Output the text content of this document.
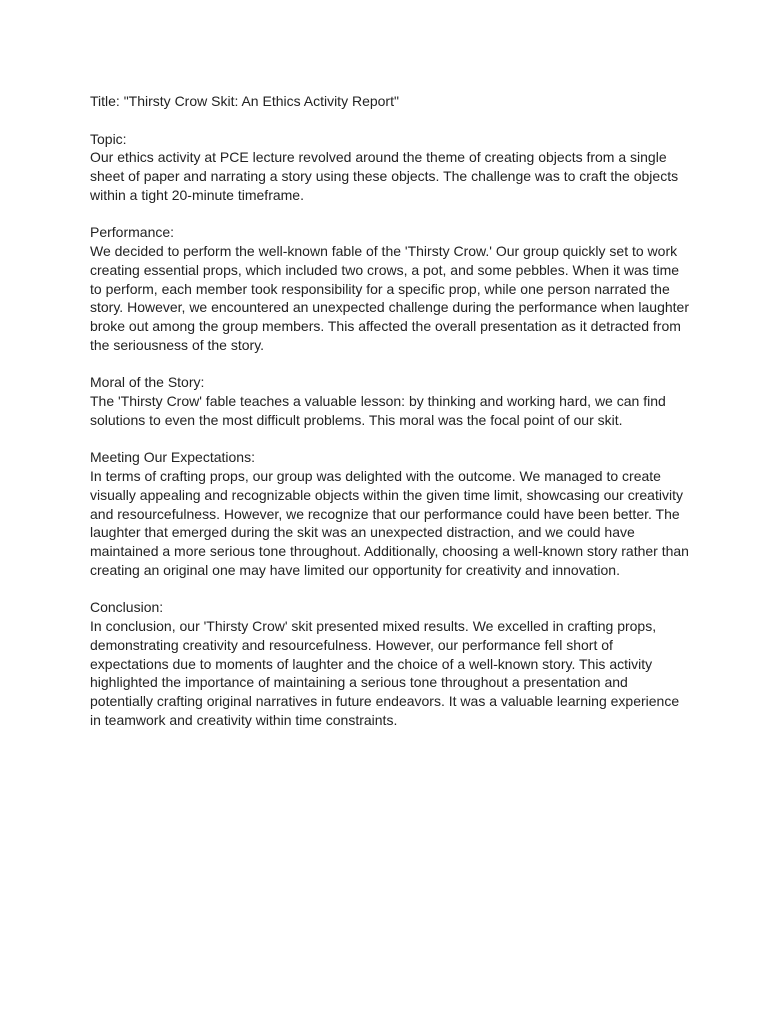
Title: "Thirsty Crow Skit: An Ethics Activity Report"

Topic:

Our ethics activity at PCE lecture revolved around the theme of creating objects from a single sheet of paper and narrating a story using these objects. The challenge was to craft the objects within a tight 20-minute timeframe.

Performance:

We decided to perform the well-known fable of the 'Thirsty Crow.' Our group quickly set to work creating essential props, which included two crows, a pot, and some pebbles. When it was time to perform, each member took responsibility for a specific prop, while one person narrated the story. However, we encountered an unexpected challenge during the performance when laughter broke out among the group members. This affected the overall presentation as it detracted from the seriousness of the story.

Moral of the Story:

The 'Thirsty Crow' fable teaches a valuable lesson: by thinking and working hard, we can find solutions to even the most difficult problems. This moral was the focal point of our skit.

Meeting Our Expectations:

In terms of crafting props, our group was delighted with the outcome. We managed to create visually appealing and recognizable objects within the given time limit, showcasing our creativity and resourcefulness. However, we recognize that our performance could have been better. The laughter that emerged during the skit was an unexpected distraction, and we could have maintained a more serious tone throughout. Additionally, choosing a well-known story rather than creating an original one may have limited our opportunity for creativity and innovation.

Conclusion:

In conclusion, our 'Thirsty Crow' skit presented mixed results. We excelled in crafting props, demonstrating creativity and resourcefulness. However, our performance fell short of expectations due to moments of laughter and the choice of a well-known story. This activity highlighted the importance of maintaining a serious tone throughout a presentation and potentially crafting original narratives in future endeavors. It was a valuable learning experience in teamwork and creativity within time constraints.
